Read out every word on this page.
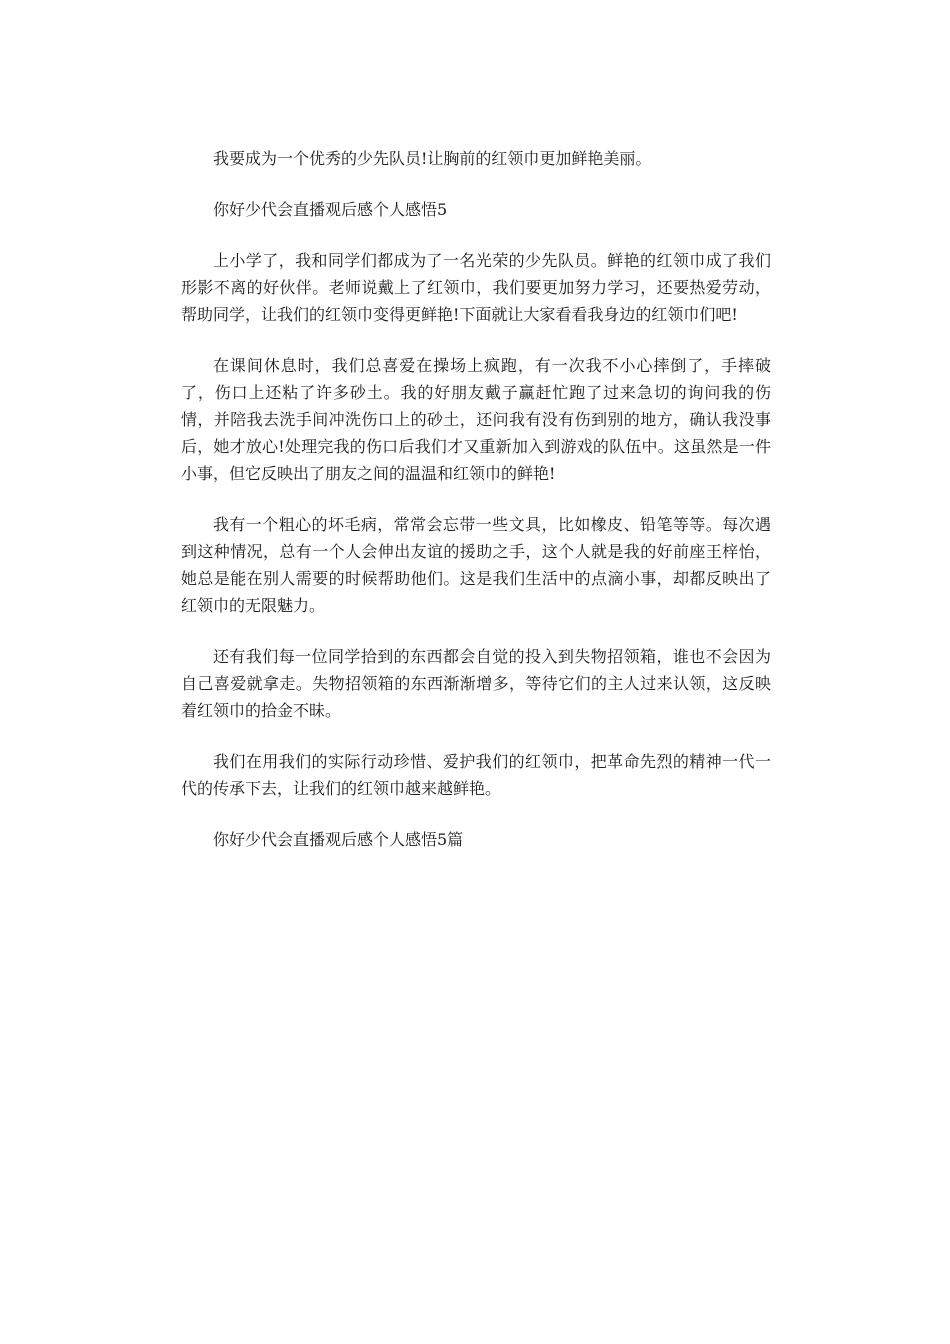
我要成为一个优秀的少先队员!让胸前的红领巾更加鲜艳美丽。

你好少代会直播观后感个人感悟5

上小学了，我和同学们都成为了一名光荣的少先队员。鲜艳的红领巾成了我们形影不离的好伙伴。老师说戴上了红领巾，我们要更加努力学习，还要热爱劳动，帮助同学，让我们的红领巾变得更鲜艳!下面就让大家看看我身边的红领巾们吧!

在课间休息时，我们总喜爱在操场上疯跑，有一次我不小心摔倒了，手摔破了，伤口上还粘了许多砂土。我的好朋友戴子赢赶忙跑了过来急切的询问我的伤情，并陪我去洗手间冲洗伤口上的砂土，还问我有没有伤到别的地方，确认我没事后，她才放心!处理完我的伤口后我们才又重新加入到游戏的队伍中。这虽然是一件小事，但它反映出了朋友之间的温温和红领巾的鲜艳!

我有一个粗心的坏毛病，常常会忘带一些文具，比如橡皮、铅笔等等。每次遇到这种情况，总有一个人会伸出友谊的援助之手，这个人就是我的好前座王梓怡，她总是能在别人需要的时候帮助他们。这是我们生活中的点滴小事，却都反映出了红领巾的无限魅力。

还有我们每一位同学拾到的东西都会自觉的投入到失物招领箱，谁也不会因为自己喜爱就拿走。失物招领箱的东西渐渐增多，等待它们的主人过来认领，这反映着红领巾的拾金不昧。

我们在用我们的实际行动珍惜、爱护我们的红领巾，把革命先烈的精神一代一代的传承下去，让我们的红领巾越来越鲜艳。

你好少代会直播观后感个人感悟5篇
